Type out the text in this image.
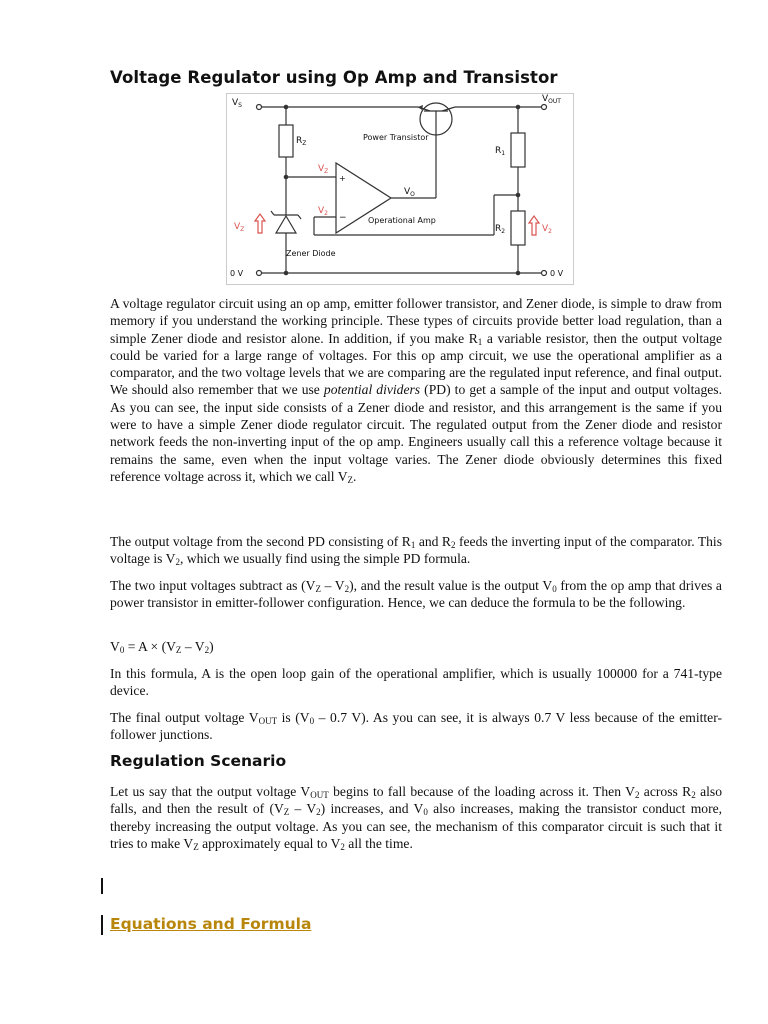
Voltage Regulator using Op Amp and Transistor
$V_S$
$V_{OUT}$
$R_Z$
Power Transistor
$R_1$
+
−
$V_O$
Operational Amp
$R_2$
Zener Diode
0 V	0 V
$V_Z$
$V_2$
$V_Z$	$V_2$

A voltage regulator circuit using an op amp, emitter follower transistor, and Zener diode, is simple to draw from memory if you understand the working principle. These types of circuits provide better load regulation, than a simple Zener diode and resistor alone. In addition, if you make $R_1$ a variable resistor, then the output voltage could be varied for a large range of voltages. For this op amp circuit, we use the operational amplifier as a comparator, and the two voltage levels that we are comparing are the regulated input reference, and final output. We should also remember that we use potential dividers (PD) to get a sample of the input and output voltages. As you can see, the input side consists of a Zener diode and resistor, and this arrangement is the same if you were to have a simple Zener diode regulator circuit. The regulated output from the Zener diode and resistor network feeds the non-inverting input of the op amp. Engineers usually call this a reference voltage because it remains the same, even when the input voltage varies. The Zener diode obviously determines this fixed reference voltage across it, which we call $V_Z$.

The output voltage from the second PD consisting of $R_1$ and $R_2$ feeds the inverting input of the comparator. This voltage is $V_2$, which we usually find using the simple PD formula.

The two input voltages subtract as $(V_Z - V_2)$, and the result value is the output $V_0$ from the op amp that drives a power transistor in emitter-follower configuration. Hence, we can deduce the formula to be the following.

$V_0 = A \times (V_Z - V_2)$

In this formula, A is the open loop gain of the operational amplifier, which is usually 100000 for a 741-type device.

The final output voltage $V_{OUT}$ is ($V_0 - 0.7$ V). As you can see, it is always 0.7 V less because of the emitter-follower junctions.

Regulation Scenario

Let us say that the output voltage $V_{OUT}$ begins to fall because of the loading across it. Then $V_2$ across $R_2$ also falls, and then the result of $(V_Z - V_2)$ increases, and $V_0$ also increases, making the transistor conduct more, thereby increasing the output voltage. As you can see, the mechanism of this comparator circuit is such that it tries to make $V_Z$ approximately equal to $V_2$ all the time.

Equations and Formula
